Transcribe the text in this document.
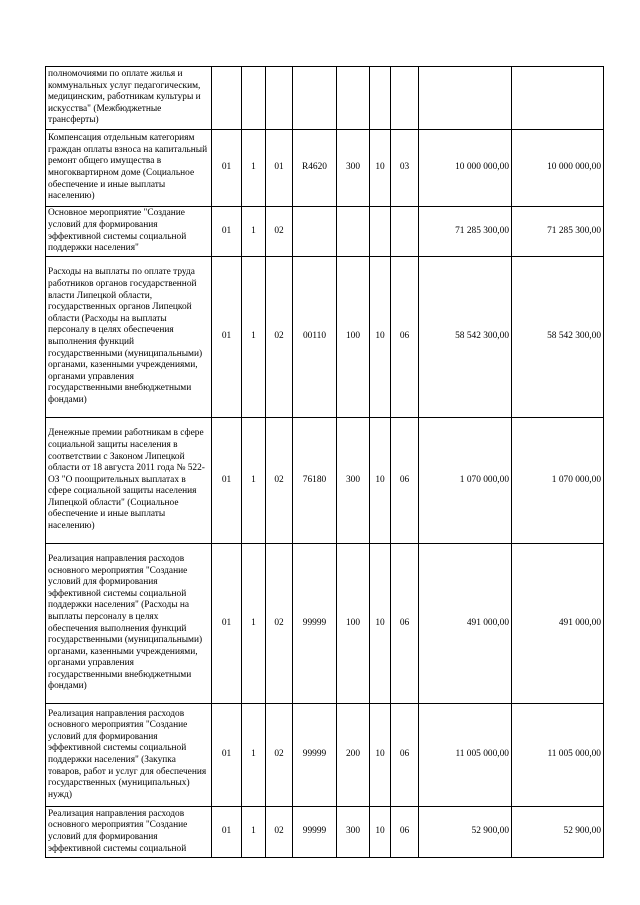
полномочиями по оплате жилья и коммунальных услуг педагогическим, медицинским, работникам культуры и искусства" (Межбюджетные трансферты)									
Компенсация отдельным категориям граждан оплаты взноса на капитальный ремонт общего имущества в многоквартирном доме (Социальное обеспечение и иные выплаты населению)	01	1	01	R4620	300	10	03	10 000 000,00	10 000 000,00
Основное мероприятие "Создание условий для формирования эффективной системы социальной поддержки населения"	01	1	02					71 285 300,00	71 285 300,00
Расходы на выплаты по оплате труда работников органов государственной власти Липецкой области, государственных органов Липецкой области (Расходы на выплаты персоналу в целях обеспечения выполнения функций государственными (муниципальными) органами, казенными учреждениями, органами управления государственными внебюджетными фондами)	01	1	02	00110	100	10	06	58 542 300,00	58 542 300,00
Денежные премии работникам в сфере социальной защиты населения в соответствии с Законом Липецкой области от 18 августа 2011 года № 522-ОЗ "О поощрительных выплатах в сфере социальной защиты населения Липецкой области" (Социальное обеспечение и иные выплаты населению)	01	1	02	76180	300	10	06	1 070 000,00	1 070 000,00
Реализация направления расходов основного мероприятия "Создание условий для формирования эффективной системы социальной поддержки населения" (Расходы на выплаты персоналу в целях обеспечения выполнения функций государственными (муниципальными) органами, казенными учреждениями, органами управления государственными внебюджетными фондами)	01	1	02	99999	100	10	06	491 000,00	491 000,00
Реализация направления расходов основного мероприятия "Создание условий для формирования эффективной системы социальной поддержки населения" (Закупка товаров, работ и услуг для обеспечения государственных (муниципальных) нужд)	01	1	02	99999	200	10	06	11 005 000,00	11 005 000,00
Реализация направления расходов основного мероприятия "Создание условий для формирования эффективной системы социальной	01	1	02	99999	300	10	06	52 900,00	52 900,00
